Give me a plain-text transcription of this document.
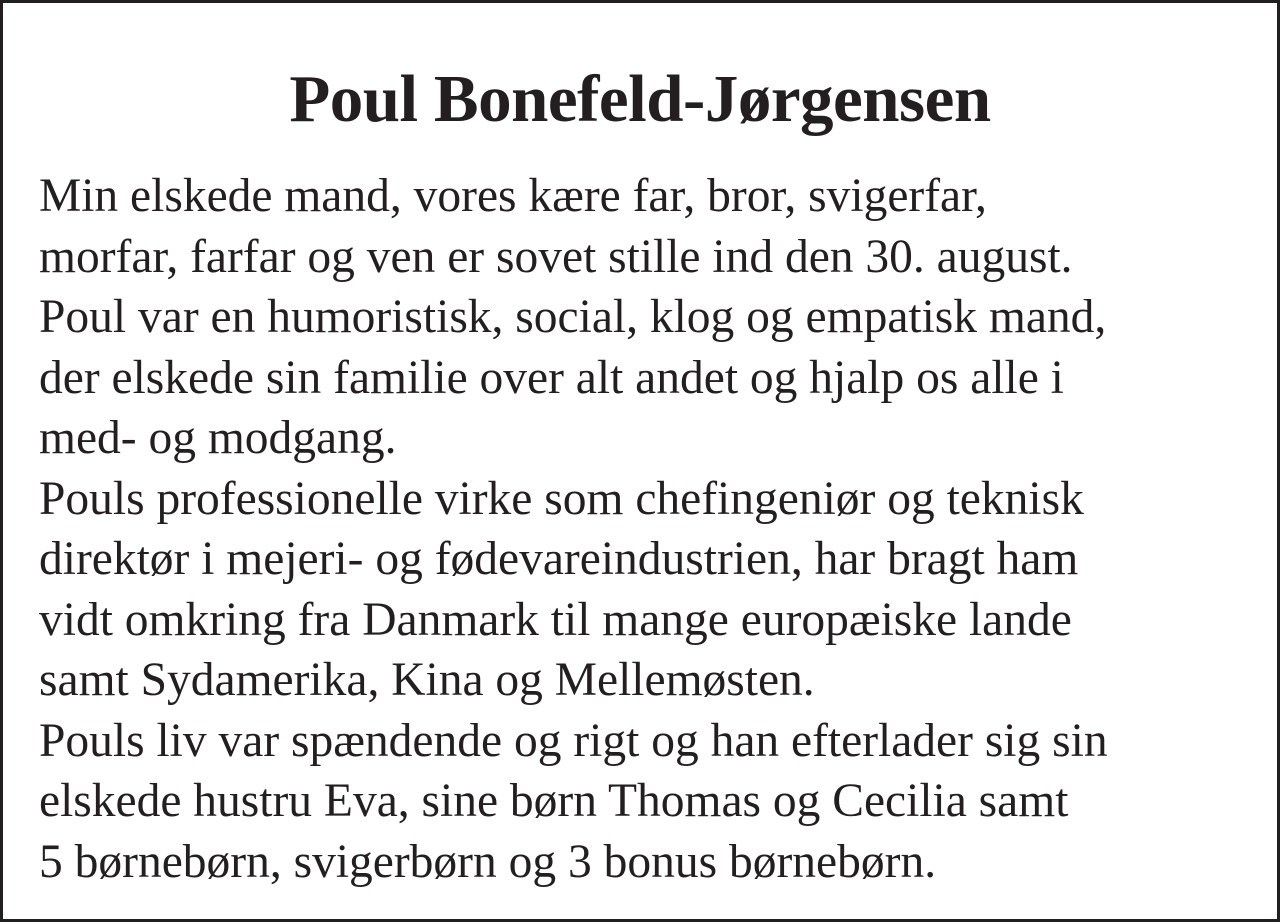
Poul Bonefeld-Jørgensen
Min elskede mand, vores kære far, bror, svigerfar,
morfar, farfar og ven er sovet stille ind den 30. august.
Poul var en humoristisk, social, klog og empatisk mand,
der elskede sin familie over alt andet og hjalp os alle i
med- og modgang.
Pouls professionelle virke som chefingeniør og teknisk
direktør i mejeri- og fødevareindustrien, har bragt ham
vidt omkring fra Danmark til mange europæiske lande
samt Sydamerika, Kina og Mellemøsten.
Pouls liv var spændende og rigt og han efterlader sig sin
elskede hustru Eva, sine børn Thomas og Cecilia samt
5 børnebørn, svigerbørn og 3 bonus børnebørn.
